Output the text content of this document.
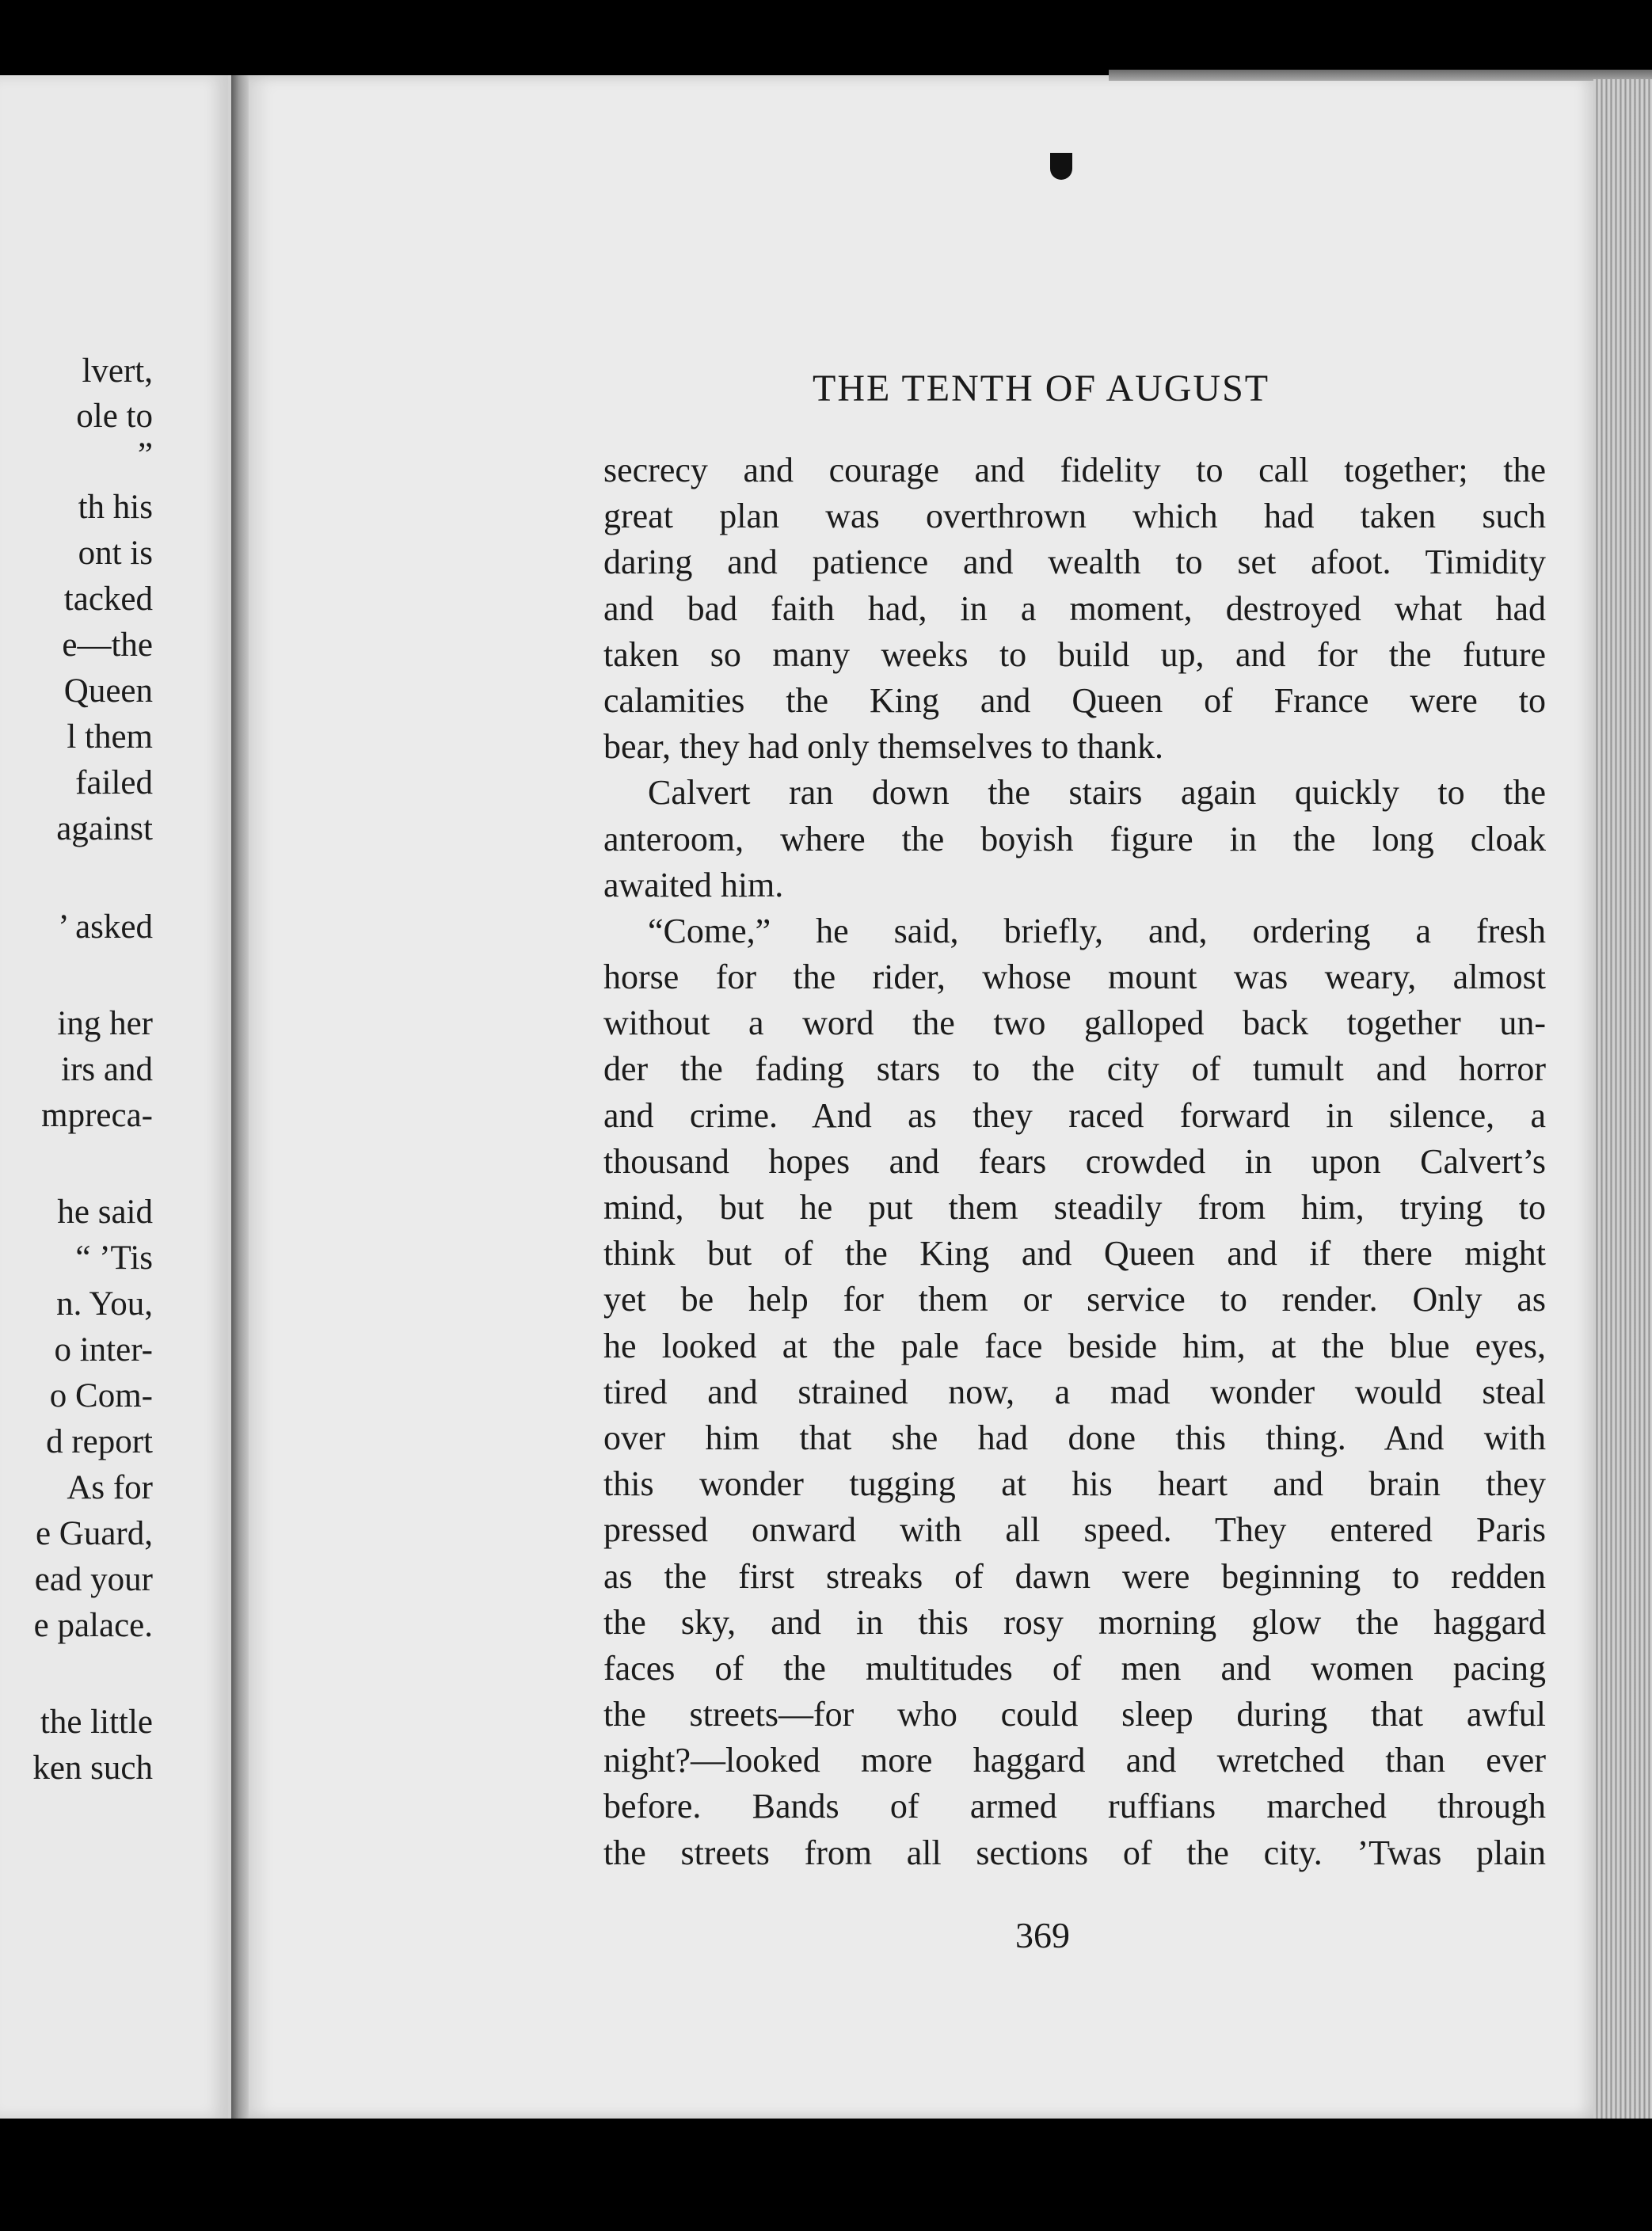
lvert,
ole to
”
th his
ont is
tacked
e—the
Queen
l them
failed
against
’ asked
ing her
irs and
mpreca-
he said
“ ’Tis
n. You,
o inter-
o Com-
d report
As for
e Guard,
ead your
e palace.
the little
ken such
THE TENTH OF AUGUST
secrecy and courage and fidelity to call together; the
great plan was overthrown which had taken such
daring and patience and wealth to set afoot. Timidity
and bad faith had, in a moment, destroyed what had
taken so many weeks to build up, and for the future
calamities the King and Queen of France were to
bear, they had only themselves to thank.
Calvert ran down the stairs again quickly to the
anteroom, where the boyish figure in the long cloak
awaited him.
“Come,” he said, briefly, and, ordering a fresh
horse for the rider, whose mount was weary, almost
without a word the two galloped back together un-
der the fading stars to the city of tumult and horror
and crime. And as they raced forward in silence, a
thousand hopes and fears crowded in upon Calvert’s
mind, but he put them steadily from him, trying to
think but of the King and Queen and if there might
yet be help for them or service to render. Only as
he looked at the pale face beside him, at the blue eyes,
tired and strained now, a mad wonder would steal
over him that she had done this thing. And with
this wonder tugging at his heart and brain they
pressed onward with all speed. They entered Paris
as the first streaks of dawn were beginning to redden
the sky, and in this rosy morning glow the haggard
faces of the multitudes of men and women pacing
the streets—for who could sleep during that awful
night?—looked more haggard and wretched than ever
before. Bands of armed ruffians marched through
the streets from all sections of the city. ’Twas plain
369
